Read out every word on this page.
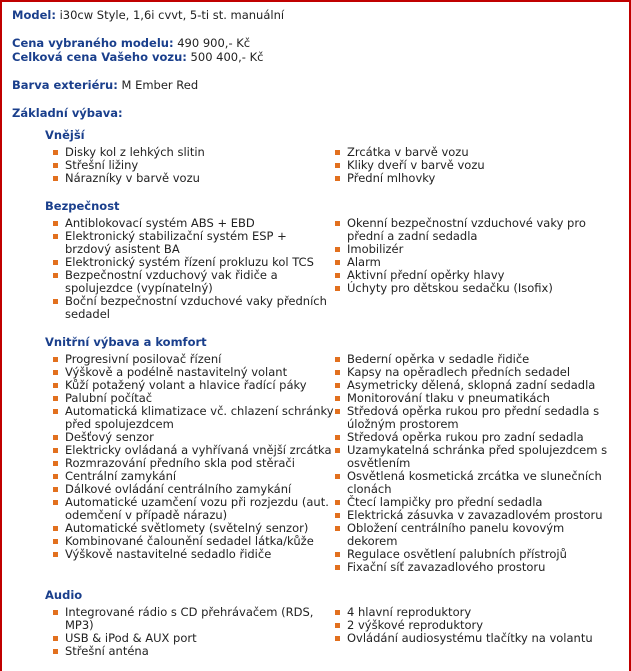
Model: i30cw Style, 1,6i cvvt, 5-ti st. manuální

Cena vybraného modelu: 490 900,- Kč

Celková cena Vašeho vozu: 500 400,- Kč

Barva exteriéru: M Ember Red

Základní výbava:

Vnější

Disky kol z lehkých slitin
Střešní ližiny
Nárazníky v barvě vozu
Zrcátka v barvě vozu
Kliky dveří v barvě vozu
Přední mlhovky

Bezpečnost

Antiblokovací systém ABS + EBD
Elektronický stabilizační systém ESP + brzdový asistent BA
Elektronický systém řízení prokluzu kol TCS
Bezpečnostní vzduchový vak řidiče a spolujezdce (vypínatelný)
Boční bezpečnostní vzduchové vaky předních sedadel
Okenní bezpečnostní vzduchové vaky pro přední a zadní sedadla
Imobilizér
Alarm
Aktivní přední opěrky hlavy
Úchyty pro dětskou sedačku (Isofix)

Vnitřní výbava a komfort

Progresivní posilovač řízení
Výškově a podélně nastavitelný volant
Kůží potažený volant a hlavice řadící páky
Palubní počítač
Automatická klimatizace vč. chlazení schránky před spolujezdcem
Dešťový senzor
Elektricky ovládaná a vyhřívaná vnější zrcátka
Rozmrazování předního skla pod stěrači
Centrální zamykání
Dálkové ovládání centrálního zamykání
Automatické uzamčení vozu při rozjezdu (aut. odemčení v případě nárazu)
Automatické světlomety (světelný senzor)
Kombinované čalounění sedadel látka/kůže
Výškově nastavitelné sedadlo řidiče
Bederní opěrka v sedadle řidiče
Kapsy na opěradlech předních sedadel
Asymetricky dělená, sklopná zadní sedadla
Monitorování tlaku v pneumatikách
Středová opěrka rukou pro přední sedadla s úložným prostorem
Středová opěrka rukou pro zadní sedadla
Uzamykatelná schránka před spolujezdcem s osvětlením
Osvětlená kosmetická zrcátka ve slunečních clonách
Čtecí lampičky pro přední sedadla
Elektrická zásuvka v zavazadlovém prostoru
Obložení centrálního panelu kovovým dekorem
Regulace osvětlení palubních přístrojů
Fixační síť zavazadlového prostoru

Audio

Integrované rádio s CD přehrávačem (RDS, MP3)
USB & iPod & AUX port
Střešní anténa
4 hlavní reproduktory
2 výškové reproduktory
Ovládání audiosystému tlačítky na volantu
